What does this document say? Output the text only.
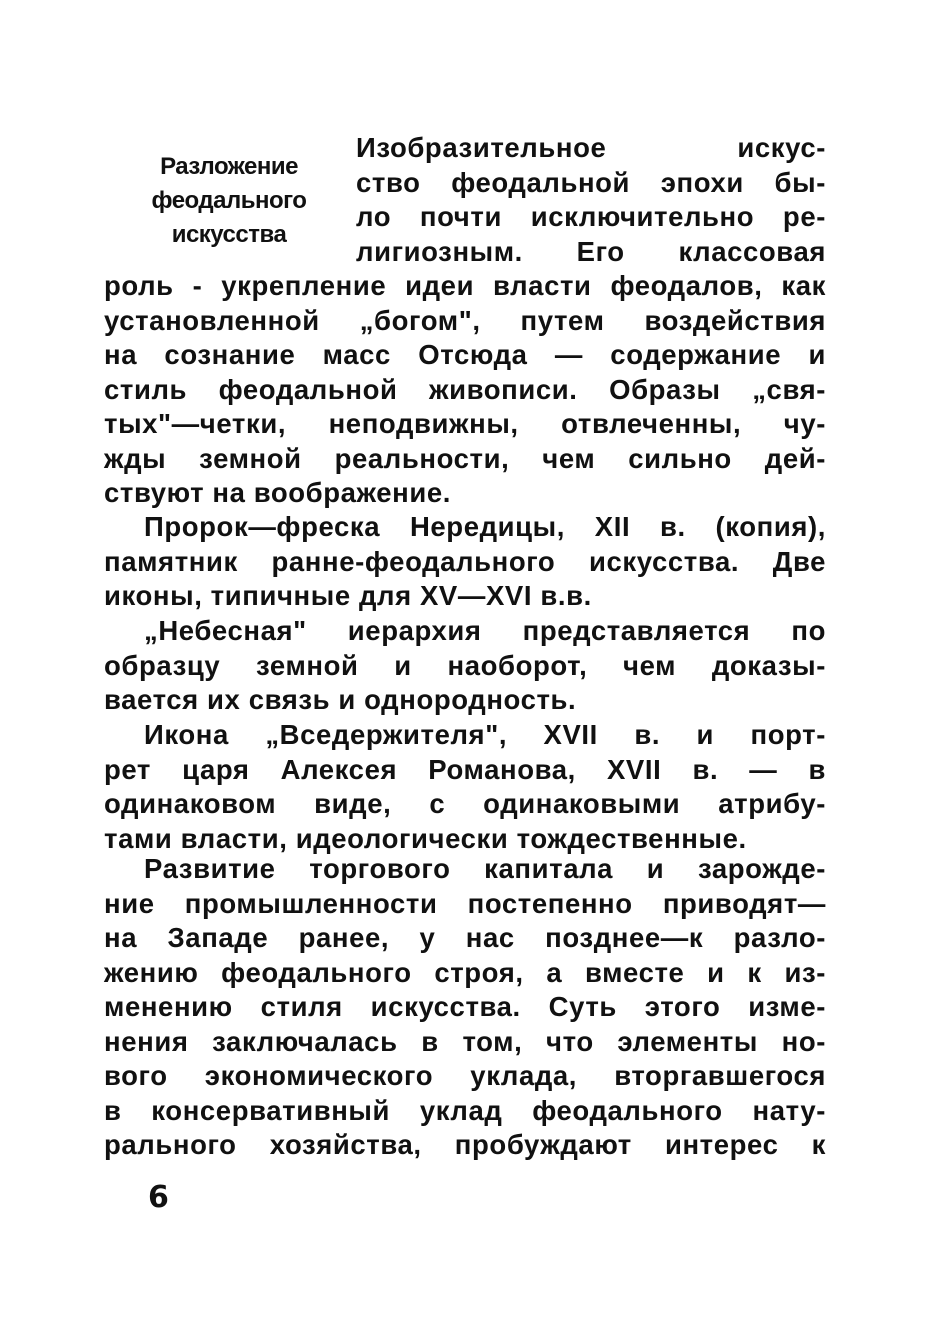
Разложение
феодального
искусства
Изобразительное искус-
ство феодальной эпохи бы-
ло почти исключительно ре-
лигиозным. Его классовая
роль - укрепление идеи власти феодалов, как
установленной „богом", путем воздействия
на сознание масс Отсюда — содержание и
стиль феодальной живописи. Образы „свя-
тых"—четки, неподвижны, отвлеченны, чу-
жды земной реальности, чем сильно дей-
ствуют на воображение.
Пророк—фреска Нередицы, XII в. (копия),
памятник ранне-феодального искусства. Две
иконы, типичные для XV—XVI в.в.
„Небесная" иерархия представляется по
образцу земной и наоборот, чем доказы-
вается их связь и однородность.
Икона „Вседержителя", XVII в. и порт-
рет царя Алексея Романова, XVII в. — в
одинаковом виде, с одинаковыми атрибу-
тами власти, идеологически тождественные.
Развитие торгового капитала и зарожде-
ние промышленности постепенно приводят—
на Западе ранее, у нас позднее—к разло-
жению феодального строя, а вместе и к из-
менению стиля искусства. Суть этого изме-
нения заключалась в том, что элементы но-
вого экономического уклада, вторгавшегося
в консервативный уклад феодального нату-
рального хозяйства, пробуждают интерес к
6
